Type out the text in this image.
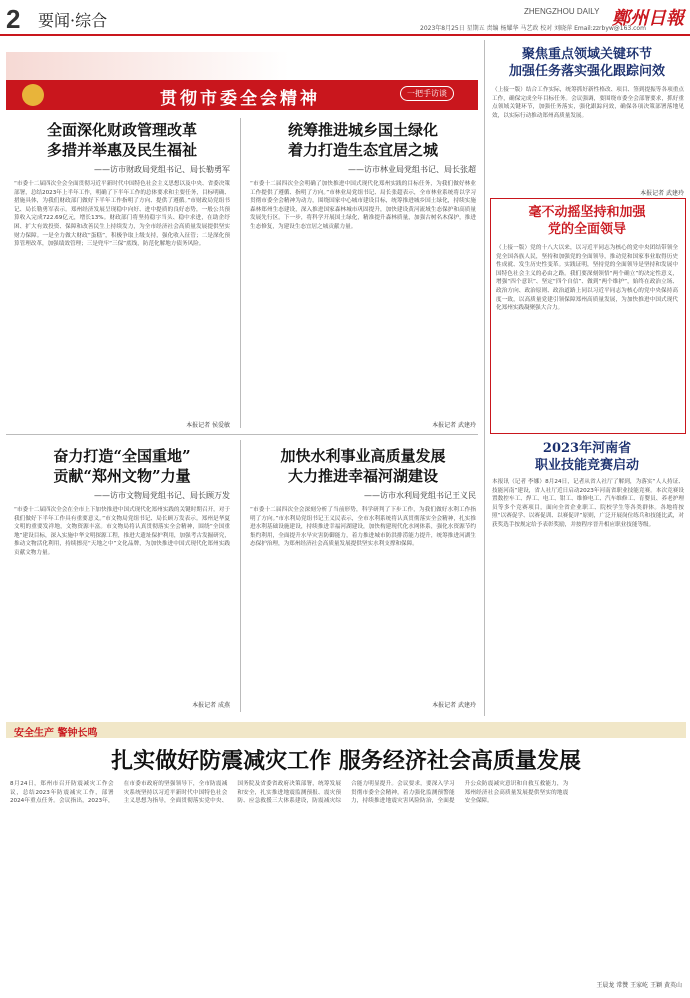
2 要闻·综合	ZHENGZHOU DAILY 鄭州日報
2023年8月25日 星期五 责编 杨耀华 马艺政 校对 刘晓萍 Email:zzrbyw@163.com
贯彻市委全会精神	一把手访谈
全面深化财政管理改革
多措并举惠及民生福祉
——访市财政局党组书记、局长勒勇军
“市委十二届四次全会全面贯彻习近平新时代中国特色社会主义思想以及中央、省委决策部署，总结2023年上半年工作，明确了下半年工作的总体要求和主要任务，目标明确、措施具体，为我们财政部门做好下半年工作指明了方向、提供了遵循。”市财政局党组书记、局长勒勇军表示。郑州经济发展呈现稳中向好、进中提质的良好态势，一般公共预算收入完成722.69亿元，增长13%。财政部门将坚持稳字当头、稳中求进，在助企纾困、扩大有效投资、保障和改善民生上持续发力，为全市经济社会高质量发展提供坚实财力保障。一是全力做大财政“蛋糕”，积极争取上级支持，强化收入征管；二是深化预算管理改革，加强绩效管理；三是兜牢“三保”底线，防范化解地方债务风险。
本报记者 侯爱敏
统筹推进城乡国土绿化
着力打造生态宜居之城
——访市林业局党组书记、局长张超
“市委十二届四次全会明确了加快推进中国式现代化郑州实践的目标任务，为我们做好林业工作提供了遵循、指明了方向。”市林业局党组书记、局长张超表示，全市林业系统将以学习贯彻市委全会精神为动力，围绕国家中心城市建设目标，统筹推进城乡国土绿化，持续实施森林郑州生态建设，深入推进国家森林城市巩固提升，加快建设黄河流域生态保护和高质量发展先行区。下一步，将科学开展国土绿化，精准提升森林质量，加强古树名木保护，推进生态修复，为建设生态宜居之城贡献力量。
本报记者 武建玲
奋力打造“全国重地”
贡献“郑州文物”力量
——访市文物局党组书记、局长顾万发
“市委十二届四次全会在全市上下加快推进中国式现代化郑州实践的关键时期召开，对于我们做好下半年工作具有重要意义。”市文物局党组书记、局长顾万发表示。郑州是华夏文明的重要发祥地，文物资源丰富。市文物局将认真贯彻落实全会精神，围绕“全国重地”建设目标，深入实施中华文明探源工程，推进大遗址保护利用，加强考古发掘研究，推动文物活化利用，持续擦亮“天地之中”文化品牌，为加快推进中国式现代化郑州实践贡献文物力量。
本报记者 成燕
加快水利事业高质量发展
大力推进幸福河湖建设
——访市水利局党组书记王义民
“市委十二届四次全会深刻分析了当前形势，科学研判了下步工作，为我们做好水利工作指明了方向。”市水利局党组书记王义民表示，全市水利系统将认真贯彻落实全会精神，扎实推进水利基础设施建设，持续推进幸福河湖建设，加快构建现代化水网体系，强化水资源节约集约利用，全面提升水旱灾害防御能力，着力推进城市防洪排涝能力提升，统筹推进河湖生态保护治理，为郑州经济社会高质量发展提供坚实水利支撑和保障。
本报记者 武建玲
聚焦重点领域关键环节
加强任务落实强化跟踪问效
（上接一版）结合工作实际，统筹抓好新性格改、项目、签到提振等各项重点工作，确保完成全年目标任务。会议强调，要围绕市委全会部署要求，抓好重点领域关键环节，加强任务落实，强化跟踪问效，确保各项决策部署落地见效，以实际行动推动郑州高质量发展。
本报记者 武建玲
毫不动摇坚持和加强
党的全面领导
（上接一版）党的十八大以来，以习近平同志为核心的党中央团结带领全党全国各族人民，坚持和加强党的全面领导，推动党和国家事业取得历史性成就、发生历史性变革。实践证明，坚持党的全面领导是坚持和发展中国特色社会主义的必由之路。我们要深刻领悟“两个确立”的决定性意义，增强“四个意识”、坚定“四个自信”、做到“两个维护”，始终在政治立场、政治方向、政治原则、政治道路上同以习近平同志为核心的党中央保持高度一致，以高质量党建引领保障郑州高质量发展，为加快推进中国式现代化郑州实践凝聚强大合力。
2023年河南省
职业技能竞赛启动
本报讯（记者 李娜）8月24日，记者从省人社厅了解到，为落实“人人持证、技能河南”建设，省人社厅近日启动2023年河南省职业技能竞赛。本次竞赛设置数控车工、焊工、电工、钳工、维修电工、汽车维修工、育婴员、养老护理员等多个竞赛项目，面向全省企业职工、院校学生等各类群体。各地将按照“以赛促学、以赛促训、以赛促评”原则，广泛开展岗位练兵和技能比武，对获奖选手按规定给予表彰奖励，并按程序晋升相应职业技能等级。
安全生产 警钟长鸣
扎实做好防震减灾工作 服务经济社会高质量发展
8月24日，郑州市召开防震减灾工作会议，总结2023年防震减灾工作，部署2024年重点任务。会议指出，2023年，在市委市政府的坚强领导下，全市防震减灾系统坚持以习近平新时代中国特色社会主义思想为指导，全面贯彻落实党中央、国务院及省委省政府决策部署，统筹发展和安全，扎实推进地震监测预报、震灾预防、应急救援三大体系建设，防震减灾综合能力明显提升。会议要求，要深入学习贯彻市委全会精神，着力强化监测预警能力，持续推进地震灾害风险防治，全面提升公众防震减灾意识和自救互救能力，为郑州经济社会高质量发展提供坚实的地震安全保障。
王晨龙 常赞 王家屹 王颖 黄英山
